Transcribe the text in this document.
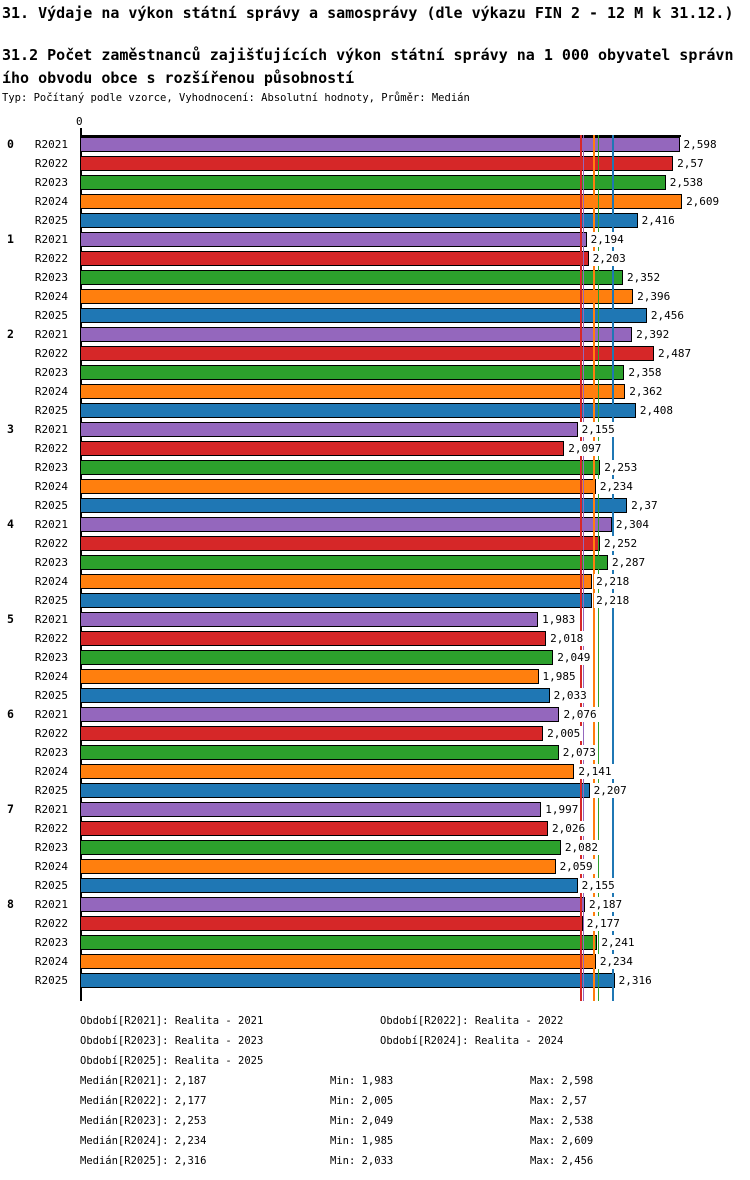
31. Výdaje na výkon státní správy a samosprávy (dle výkazu FIN 2 - 12 M k 31.12.)
31.2 Počet zaměstnanců zajišťujících výkon státní správy na 1 000 obyvatel správního obvodu obce s rozšířenou působností
Typ: Počítaný podle vzorce, Vyhodnocení: Absolutní hodnoty, Průměr: Medián
0
0	R2021	2,598
R2022	2,57
R2023	2,538
R2024	2,609
R2025	2,416
1	R2021	2,194
R2022	2,203
R2023	2,352
R2024	2,396
R2025	2,456
2	R2021	2,392
R2022	2,487
R2023	2,358
R2024	2,362
R2025	2,408
3	R2021	2,155
R2022	2,097
R2023	2,253
R2024	2,234
R2025	2,37
4	R2021	2,304
R2022	2,252
R2023	2,287
R2024	2,218
R2025	2,218
5	R2021	1,983
R2022	2,018
R2023	2,049
R2024	1,985
R2025	2,033
6	R2021	2,076
R2022	2,005
R2023	2,073
R2024	2,141
R2025	2,207
7	R2021	1,997
R2022	2,026
R2023	2,082
R2024	2,059
R2025	2,155
8	R2021	2,187
R2022	2,177
R2023	2,241
R2024	2,234
R2025	2,316
Období[R2021]: Realita - 2021	Období[R2022]: Realita - 2022
Období[R2023]: Realita - 2023	Období[R2024]: Realita - 2024
Období[R2025]: Realita - 2025
Medián[R2021]: 2,187	Min: 1,983	Max: 2,598
Medián[R2022]: 2,177	Min: 2,005	Max: 2,57
Medián[R2023]: 2,253	Min: 2,049	Max: 2,538
Medián[R2024]: 2,234	Min: 1,985	Max: 2,609
Medián[R2025]: 2,316	Min: 2,033	Max: 2,456
